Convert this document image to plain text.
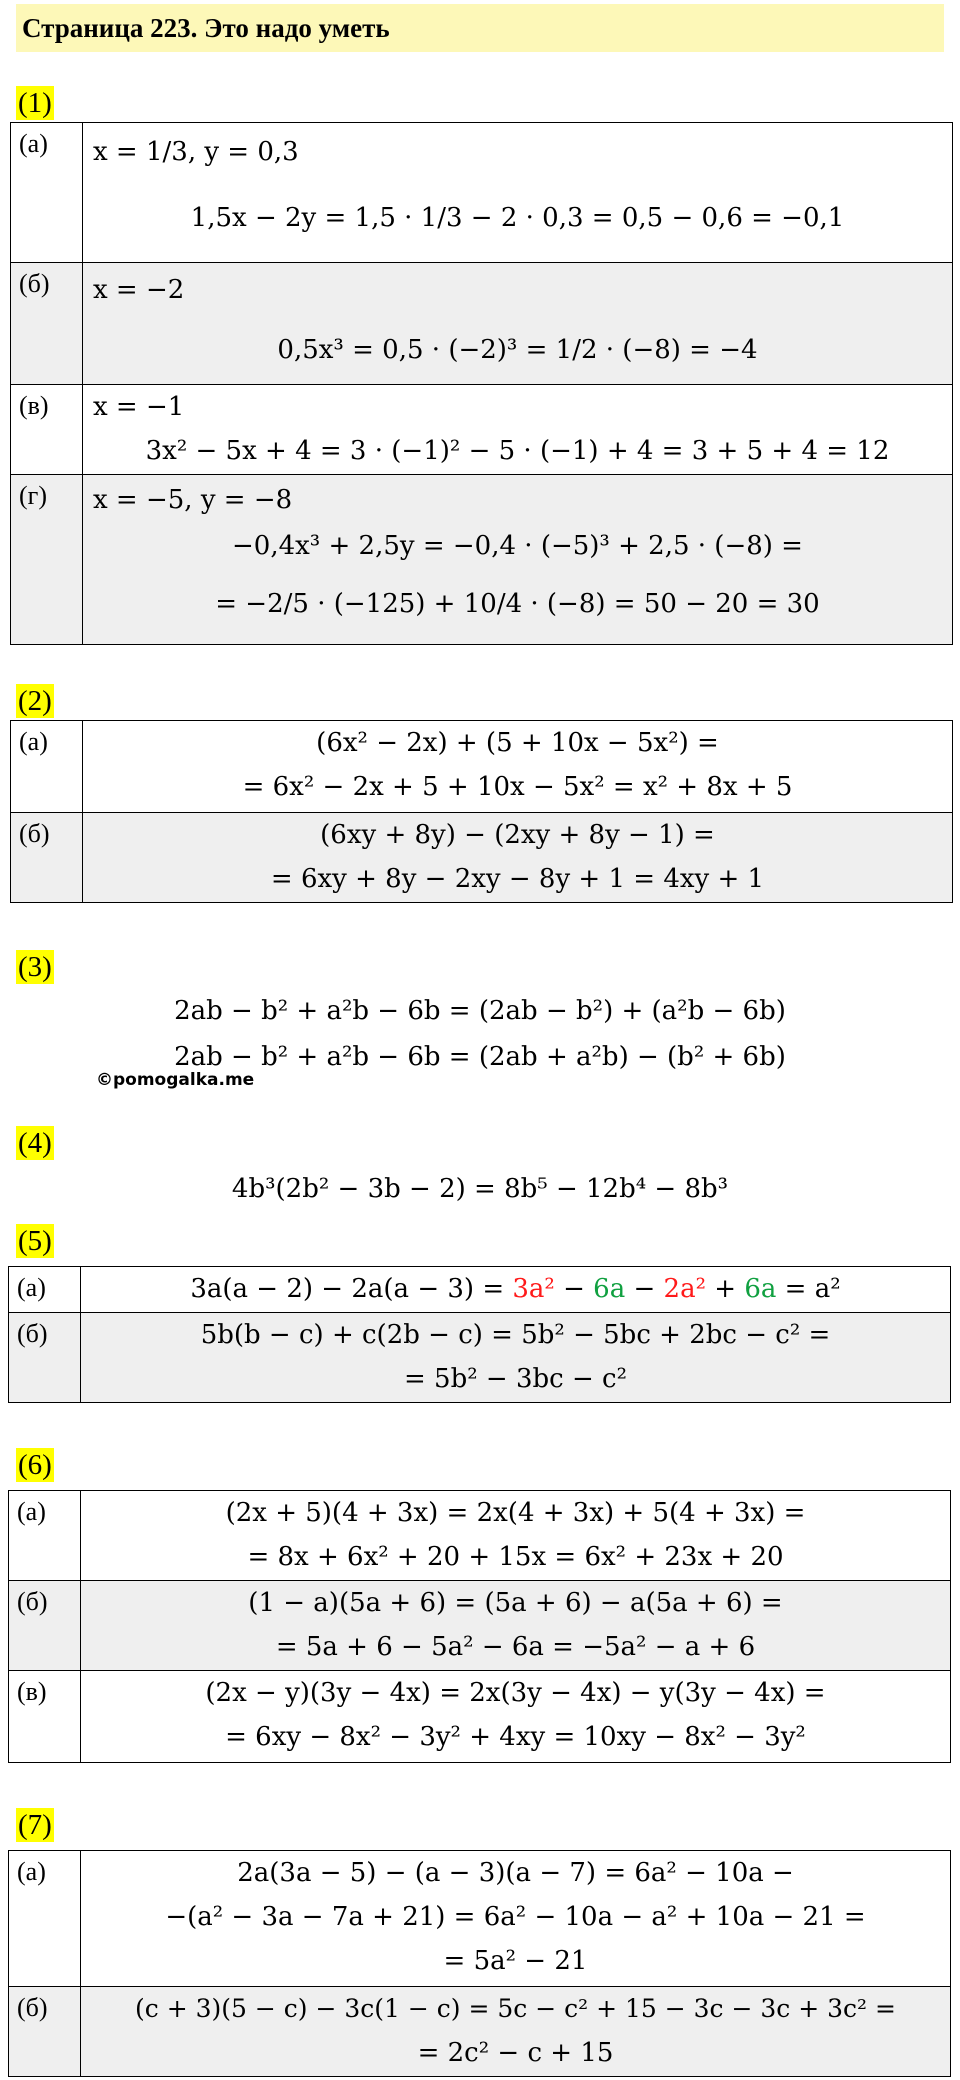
Страница 223. Это надо уметь
(1)
(а)	x = 1/3, y = 0,3
1,5x − 2y = 1,5 · 1/3 − 2 · 0,3 = 0,5 − 0,6 = −0,1

(б)	x = −2
0,5x³ = 0,5 · (−2)³ = 1/2 · (−8) = −4

(в)	x = −1
3x² − 5x + 4 = 3 · (−1)² − 5 · (−1) + 4 = 3 + 5 + 4 = 12

(г)	x = −5, y = −8
−0,4x³ + 2,5y = −0,4 · (−5)³ + 2,5 · (−8) =
= −2/5 · (−125) + 10/4 · (−8) = 50 − 20 = 30
(2)
(а)	(6x² − 2x) + (5 + 10x − 5x²) =
= 6x² − 2x + 5 + 10x − 5x² = x² + 8x + 5

(б)	(6xy + 8y) − (2xy + 8y − 1) =
= 6xy + 8y − 2xy − 8y + 1 = 4xy + 1
(3)
2ab − b² + a²b − 6b = (2ab − b²) + (a²b − 6b)
2ab − b² + a²b − 6b = (2ab + a²b) − (b² + 6b)
©pomogalka.me
(4)
4b³(2b² − 3b − 2) = 8b⁵ − 12b⁴ − 8b³
(5)
(а)	3a(a − 2) − 2a(a − 3) = 3a² − 6a − 2a² + 6a = a²

(б)	5b(b − c) + c(2b − c) = 5b² − 5bc + 2bc − c² =
= 5b² − 3bc − c²
(6)
(а)	(2x + 5)(4 + 3x) = 2x(4 + 3x) + 5(4 + 3x) =
= 8x + 6x² + 20 + 15x = 6x² + 23x + 20

(б)	(1 − a)(5a + 6) = (5a + 6) − a(5a + 6) =
= 5a + 6 − 5a² − 6a = −5a² − a + 6

(в)	(2x − y)(3y − 4x) = 2x(3y − 4x) − y(3y − 4x) =
= 6xy − 8x² − 3y² + 4xy = 10xy − 8x² − 3y²
(7)
(а)	2a(3a − 5) − (a − 3)(a − 7) = 6a² − 10a −
−(a² − 3a − 7a + 21) = 6a² − 10a − a² + 10a − 21 =
= 5a² − 21

(б)	(c + 3)(5 − c) − 3c(1 − c) = 5c − c² + 15 − 3c − 3c + 3c² =
= 2c² − c + 15
